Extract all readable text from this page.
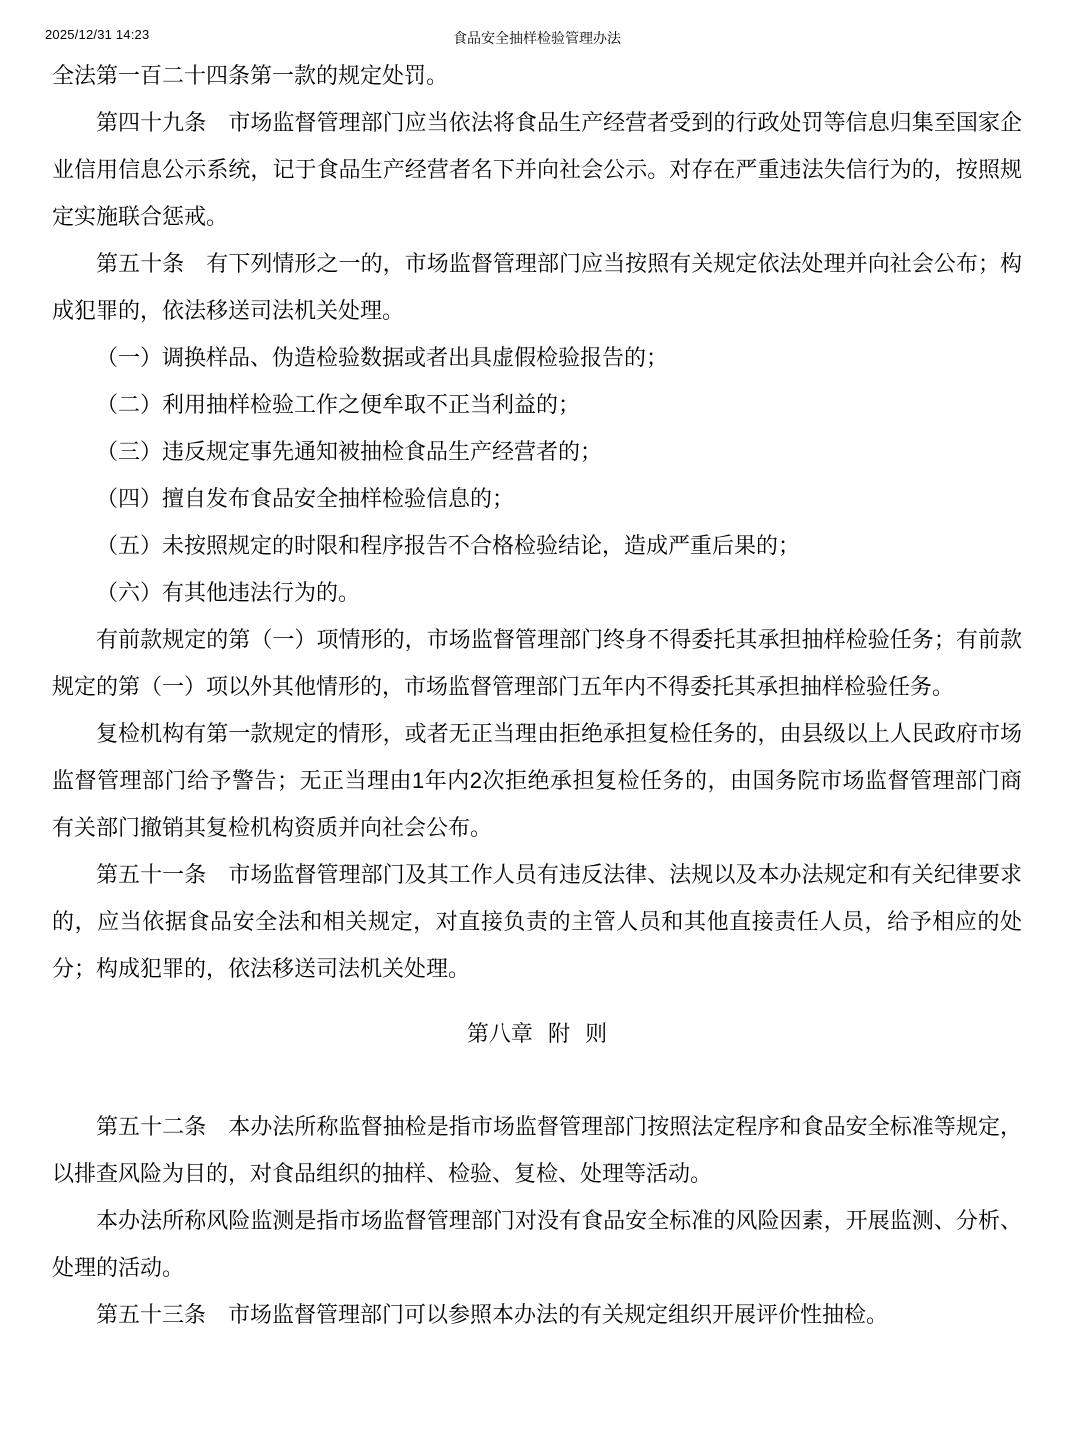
2025/12/31 14:23	食品安全抽样检验管理办法

全法第一百二十四条第一款的规定处罚。

第四十九条　市场监督管理部门应当依法将食品生产经营者受到的行政处罚等信息归集至国家企业信用信息公示系统，记于食品生产经营者名下并向社会公示。对存在严重违法失信行为的，按照规定实施联合惩戒。

第五十条　有下列情形之一的，市场监督管理部门应当按照有关规定依法处理并向社会公布；构成犯罪的，依法移送司法机关处理。

（一）调换样品、伪造检验数据或者出具虚假检验报告的；

（二）利用抽样检验工作之便牟取不正当利益的；

（三）违反规定事先通知被抽检食品生产经营者的；

（四）擅自发布食品安全抽样检验信息的；

（五）未按照规定的时限和程序报告不合格检验结论，造成严重后果的；

（六）有其他违法行为的。

有前款规定的第（一）项情形的，市场监督管理部门终身不得委托其承担抽样检验任务；有前款规定的第（一）项以外其他情形的，市场监督管理部门五年内不得委托其承担抽样检验任务。

复检机构有第一款规定的情形，或者无正当理由拒绝承担复检任务的，由县级以上人民政府市场监督管理部门给予警告；无正当理由1年内2次拒绝承担复检任务的，由国务院市场监督管理部门商有关部门撤销其复检机构资质并向社会公布。

第五十一条　市场监督管理部门及其工作人员有违反法律、法规以及本办法规定和有关纪律要求的，应当依据食品安全法和相关规定，对直接负责的主管人员和其他直接责任人员，给予相应的处分；构成犯罪的，依法移送司法机关处理。

第八章 附 则

第五十二条　本办法所称监督抽检是指市场监督管理部门按照法定程序和食品安全标准等规定，以排查风险为目的，对食品组织的抽样、检验、复检、处理等活动。

本办法所称风险监测是指市场监督管理部门对没有食品安全标准的风险因素，开展监测、分析、处理的活动。

第五十三条　市场监督管理部门可以参照本办法的有关规定组织开展评价性抽检。
